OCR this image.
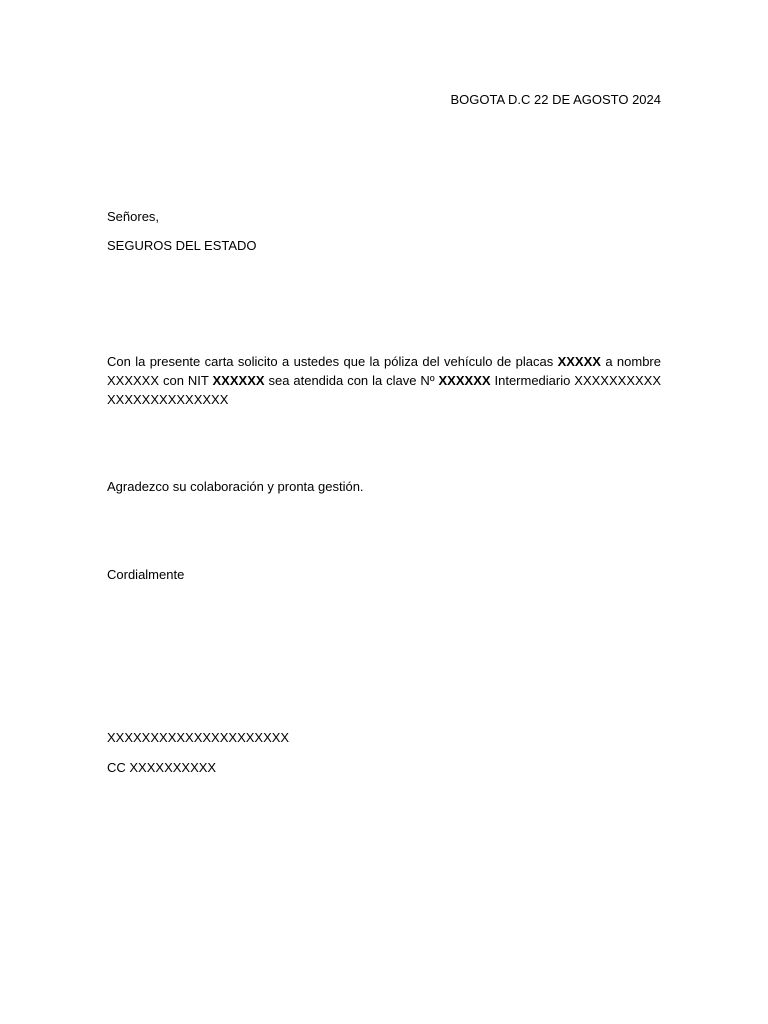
BOGOTA D.C 22 DE AGOSTO 2024
Señores,
SEGUROS DEL ESTADO
Con la presente carta solicito a ustedes que la póliza del vehículo de placas XXXXX a nombre XXXXXX con NIT XXXXXX sea atendida con la clave Nº XXXXXX Intermediario XXXXXXXXXXXXXXXXXXXXXXXX
Agradezco su colaboración y pronta gestión.
Cordialmente
XXXXXXXXXXXXXXXXXXXXX
CC XXXXXXXXXX
